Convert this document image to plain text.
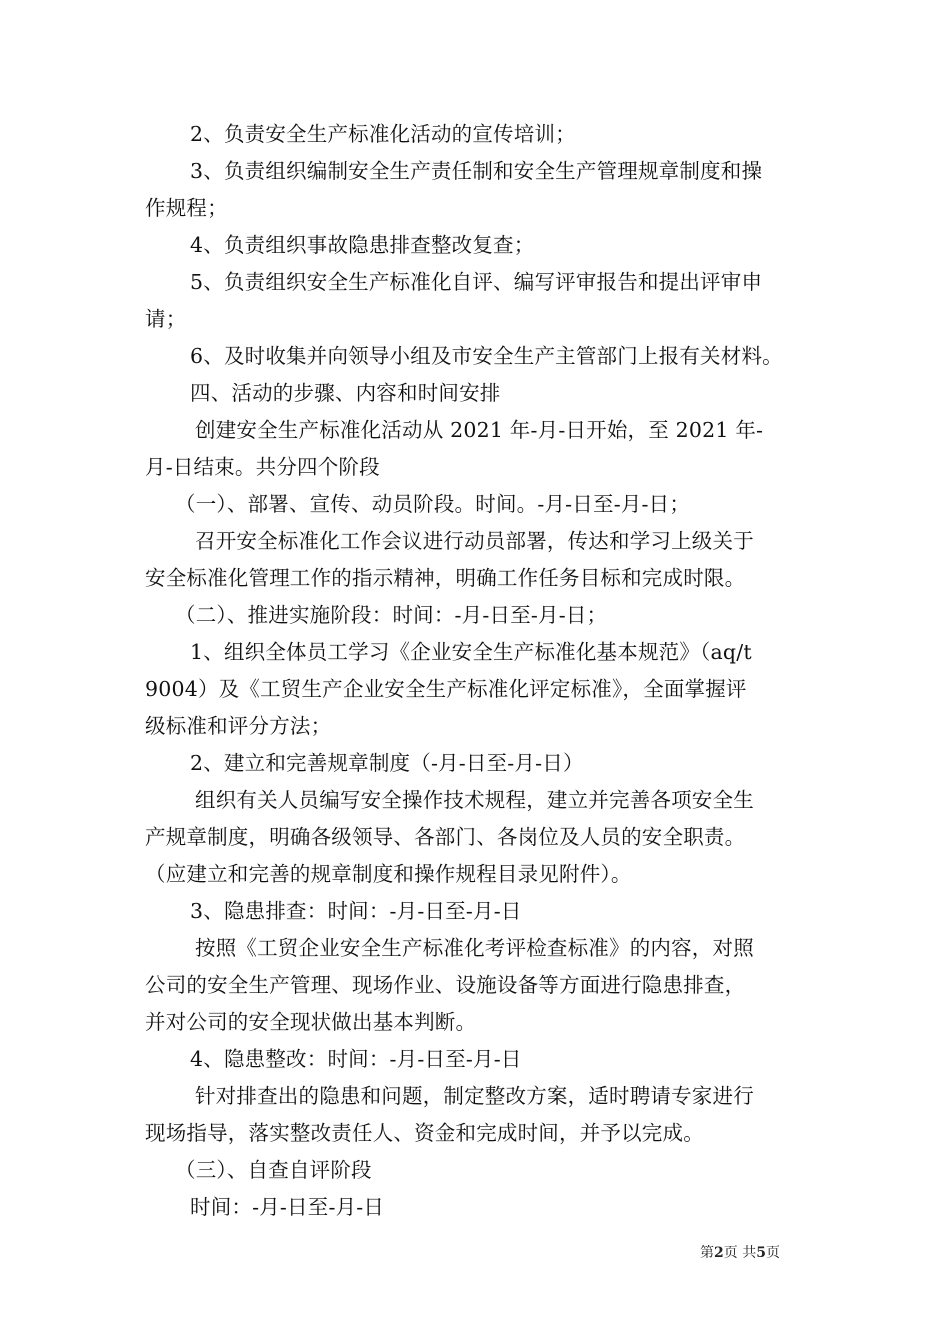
2、负责安全生产标准化活动的宣传培训；
3、负责组织编制安全生产责任制和安全生产管理规章制度和操
作规程；
4、负责组织事故隐患排查整改复查；
5、负责组织安全生产标准化自评、编写评审报告和提出评审申
请；
6、及时收集并向领导小组及市安全生产主管部门上报有关材料。
四、活动的步骤、内容和时间安排
创建安全生产标准化活动从 2021 年-月-日开始，至 2021 年-
月-日结束。共分四个阶段
（一）、部署、宣传、动员阶段。时间。-月-日至-月-日；
召开安全标准化工作会议进行动员部署，传达和学习上级关于
安全标准化管理工作的指示精神，明确工作任务目标和完成时限。
（二）、推进实施阶段：时间：-月-日至-月-日；
1、组织全体员工学习《企业安全生产标准化基本规范》（aq/t
9004）及《工贸生产企业安全生产标准化评定标准》，全面掌握评
级标准和评分方法；
2、建立和完善规章制度（-月-日至-月-日）
组织有关人员编写安全操作技术规程，建立并完善各项安全生
产规章制度，明确各级领导、各部门、各岗位及人员的安全职责。
（应建立和完善的规章制度和操作规程目录见附件）。
3、隐患排查：时间：-月-日至-月-日
按照《工贸企业安全生产标准化考评检查标准》的内容，对照
公司的安全生产管理、现场作业、设施设备等方面进行隐患排查，
并对公司的安全现状做出基本判断。
4、隐患整改：时间：-月-日至-月-日
针对排查出的隐患和问题，制定整改方案，适时聘请专家进行
现场指导，落实整改责任人、资金和完成时间，并予以完成。
（三）、自查自评阶段
时间：-月-日至-月-日
第2页 共5页
